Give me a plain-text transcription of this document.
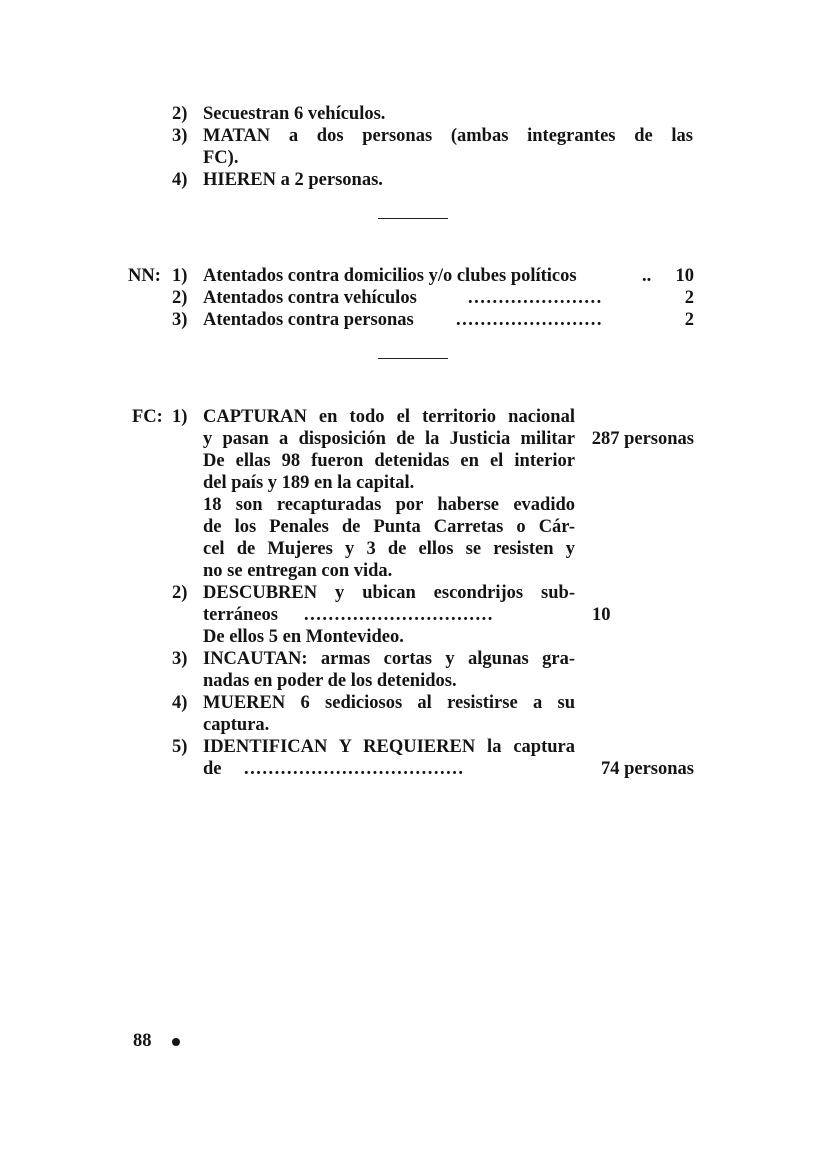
2) Secuestran 6 vehículos.
3) MATAN a dos personas (ambas integrantes de las
FC).
4) HIEREN a 2 personas.
NN: 1) Atentados contra domicilios y/o clubes políticos	.. 10
2) Atentados contra vehículos	......................	2
3) Atentados contra personas ........................	2
FC: 1) CAPTURAN en todo el territorio nacional
y pasan a disposición de la Justicia militar 287 personas
De ellas 98 fueron detenidas en el interior
del país y 189 en la capital.
18 son recapturadas por haberse evadido
de los Penales de Punta Carretas o Cár-
cel de Mujeres y 3 de ellos se resisten y
no se entregan con vida.
2) DESCUBREN y ubican escondrijos sub-
terráneos ...............................	10
De ellos 5 en Montevideo.
3) INCAUTAN: armas cortas y algunas gra-
nadas en poder de los detenidos.
4) MUEREN 6 sediciosos al resistirse a su
captura.
5) IDENTIFICAN Y REQUIEREN la captura
de ....................................	74 personas
88
